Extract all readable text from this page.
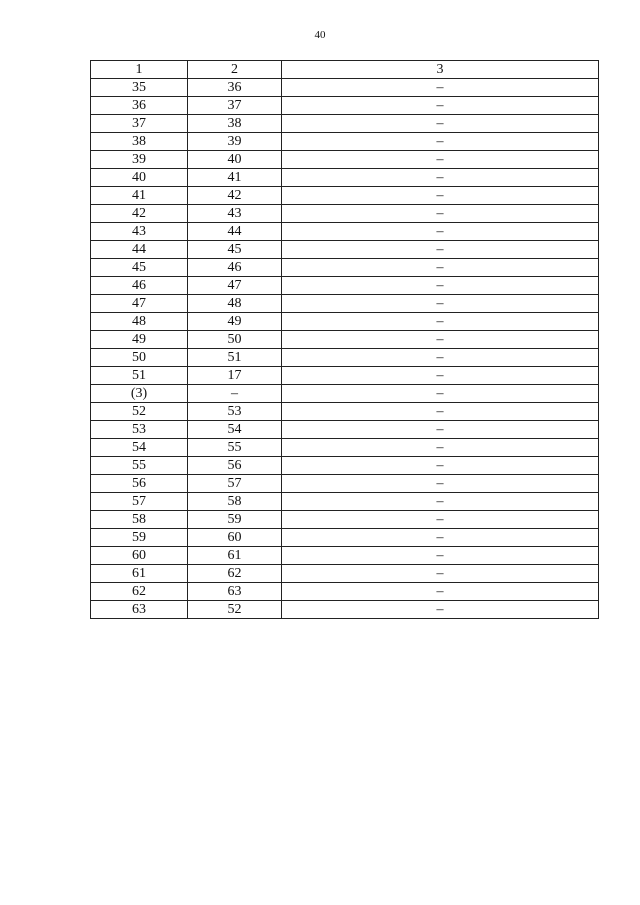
40
1	2	3
35	36	–
36	37	–
37	38	–
38	39	–
39	40	–
40	41	–
41	42	–
42	43	–
43	44	–
44	45	–
45	46	–
46	47	–
47	48	–
48	49	–
49	50	–
50	51	–
51	17	–
(3)	–	–
52	53	–
53	54	–
54	55	–
55	56	–
56	57	–
57	58	–
58	59	–
59	60	–
60	61	–
61	62	–
62	63	–
63	52	–
